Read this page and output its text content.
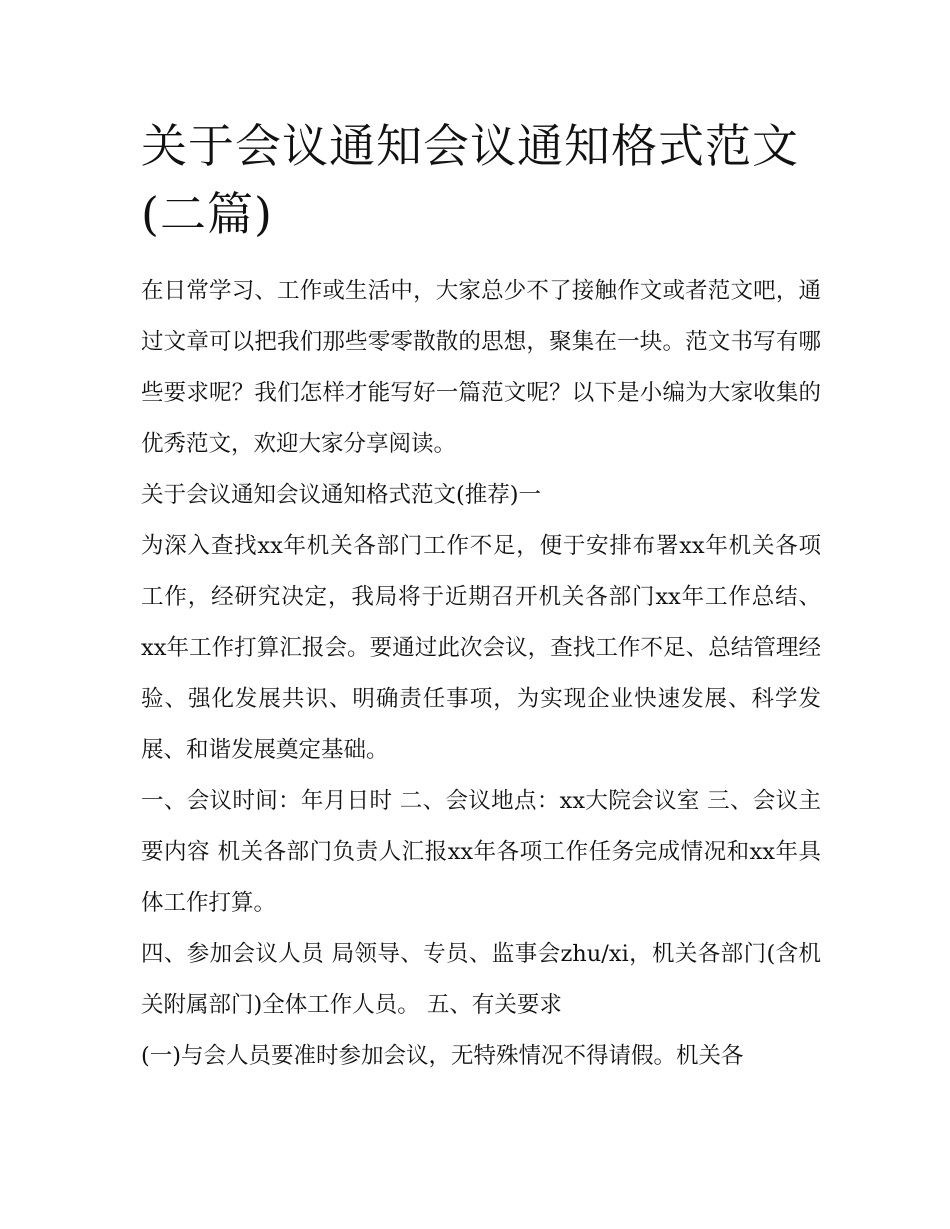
关于会议通知会议通知格式范文(二篇)

在日常学习、工作或生活中，大家总少不了接触作文或者范文吧，通过文章可以把我们那些零零散散的思想，聚集在一块。范文书写有哪些要求呢？我们怎样才能写好一篇范文呢？以下是小编为大家收集的优秀范文，欢迎大家分享阅读。

关于会议通知会议通知格式范文(推荐)一

为深入查找xx年机关各部门工作不足，便于安排布署xx年机关各项工作，经研究决定，我局将于近期召开机关各部门xx年工作总结、xx年工作打算汇报会。要通过此次会议，查找工作不足、总结管理经验、强化发展共识、明确责任事项，为实现企业快速发展、科学发展、和谐发展奠定基础。

一、会议时间：年月日时 二、会议地点：xx大院会议室 三、会议主要内容 机关各部门负责人汇报xx年各项工作任务完成情况和xx年具体工作打算。

四、参加会议人员 局领导、专员、监事会zhu/xi，机关各部门(含机关附属部门)全体工作人员。 五、有关要求

(一)与会人员要准时参加会议，无特殊情况不得请假。机关各
